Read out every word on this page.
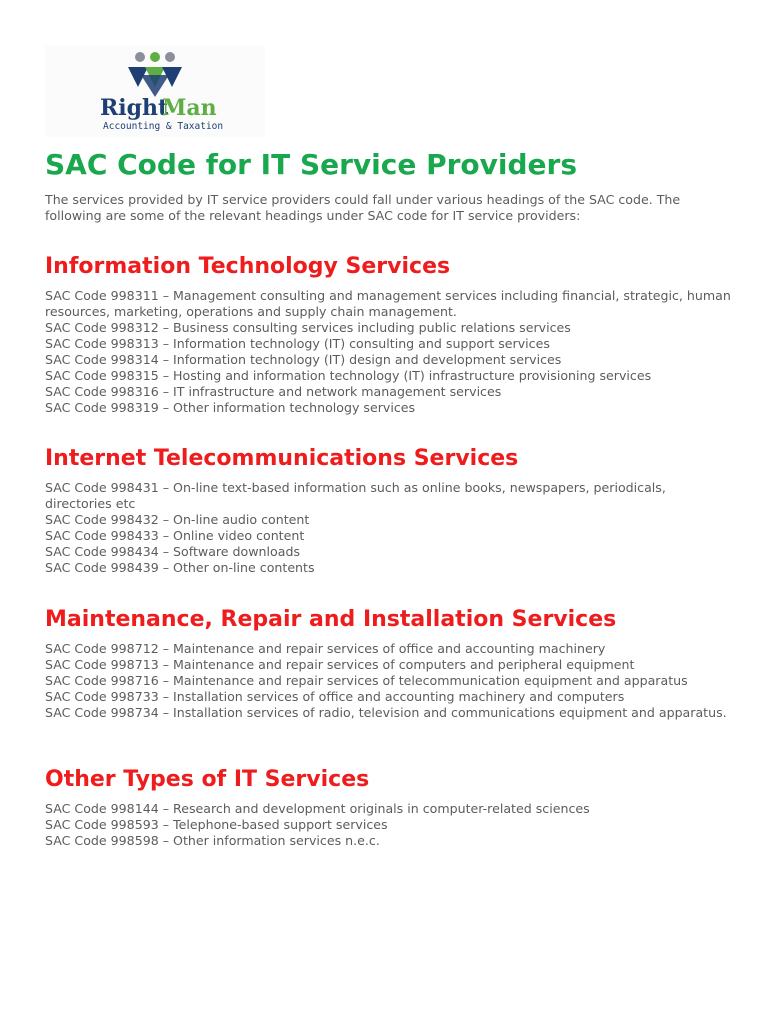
Right
Man
Accounting & Taxation
SAC Code for IT Service Providers

The services provided by IT service providers could fall under various headings of the SAC code. The following are some of the relevant headings under SAC code for IT service providers:

Information Technology Services
SAC Code 998311 – Management consulting and management services including financial, strategic, human resources, marketing, operations and supply chain management.
SAC Code 998312 – Business consulting services including public relations services
SAC Code 998313 – Information technology (IT) consulting and support services
SAC Code 998314 – Information technology (IT) design and development services
SAC Code 998315 – Hosting and information technology (IT) infrastructure provisioning services
SAC Code 998316 – IT infrastructure and network management services
SAC Code 998319 – Other information technology services
Internet Telecommunications Services
SAC Code 998431 – On-line text-based information such as online books, newspapers, periodicals, directories etc
SAC Code 998432 – On-line audio content
SAC Code 998433 – Online video content
SAC Code 998434 – Software downloads
SAC Code 998439 – Other on-line contents
Maintenance, Repair and Installation Services
SAC Code 998712 – Maintenance and repair services of office and accounting machinery
SAC Code 998713 – Maintenance and repair services of computers and peripheral equipment
SAC Code 998716 – Maintenance and repair services of telecommunication equipment and apparatus
SAC Code 998733 – Installation services of office and accounting machinery and computers
SAC Code 998734 – Installation services of radio, television and communications equipment and apparatus.
Other Types of IT Services
SAC Code 998144 – Research and development originals in computer-related sciences
SAC Code 998593 – Telephone-based support services
SAC Code 998598 – Other information services n.e.c.
